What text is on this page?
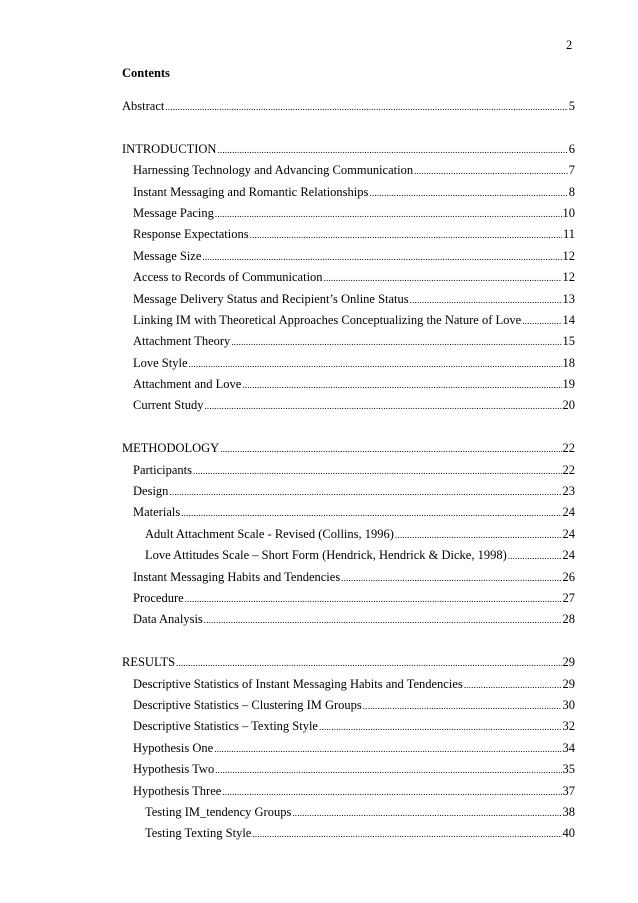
2
Contents
Abstract .....	5
INTRODUCTION .....	6
Harnessing Technology and Advancing Communication .....	7
Instant Messaging and Romantic Relationships .....	8
Message Pacing .....	10
Response Expectations .....	11
Message Size .....	12
Access to Records of Communication .....	12
Message Delivery Status and Recipient’s Online Status .....	13
Linking IM with Theoretical Approaches Conceptualizing the Nature of Love .....	14
Attachment Theory .....	15
Love Style .....	18
Attachment and Love .....	19
Current Study .....	20
METHODOLOGY .....	22
Participants .....	22
Design .....	23
Materials .....	24
Adult Attachment Scale - Revised (Collins, 1996) .....	24
Love Attitudes Scale – Short Form (Hendrick, Hendrick & Dicke, 1998) .....	24
Instant Messaging Habits and Tendencies .....	26
Procedure .....	27
Data Analysis .....	28
RESULTS .....	29
Descriptive Statistics of Instant Messaging Habits and Tendencies .....	29
Descriptive Statistics – Clustering IM Groups .....	30
Descriptive Statistics – Texting Style .....	32
Hypothesis One .....	34
Hypothesis Two .....	35
Hypothesis Three .....	37
Testing IM_tendency Groups .....	38
Testing Texting Style .....	40
